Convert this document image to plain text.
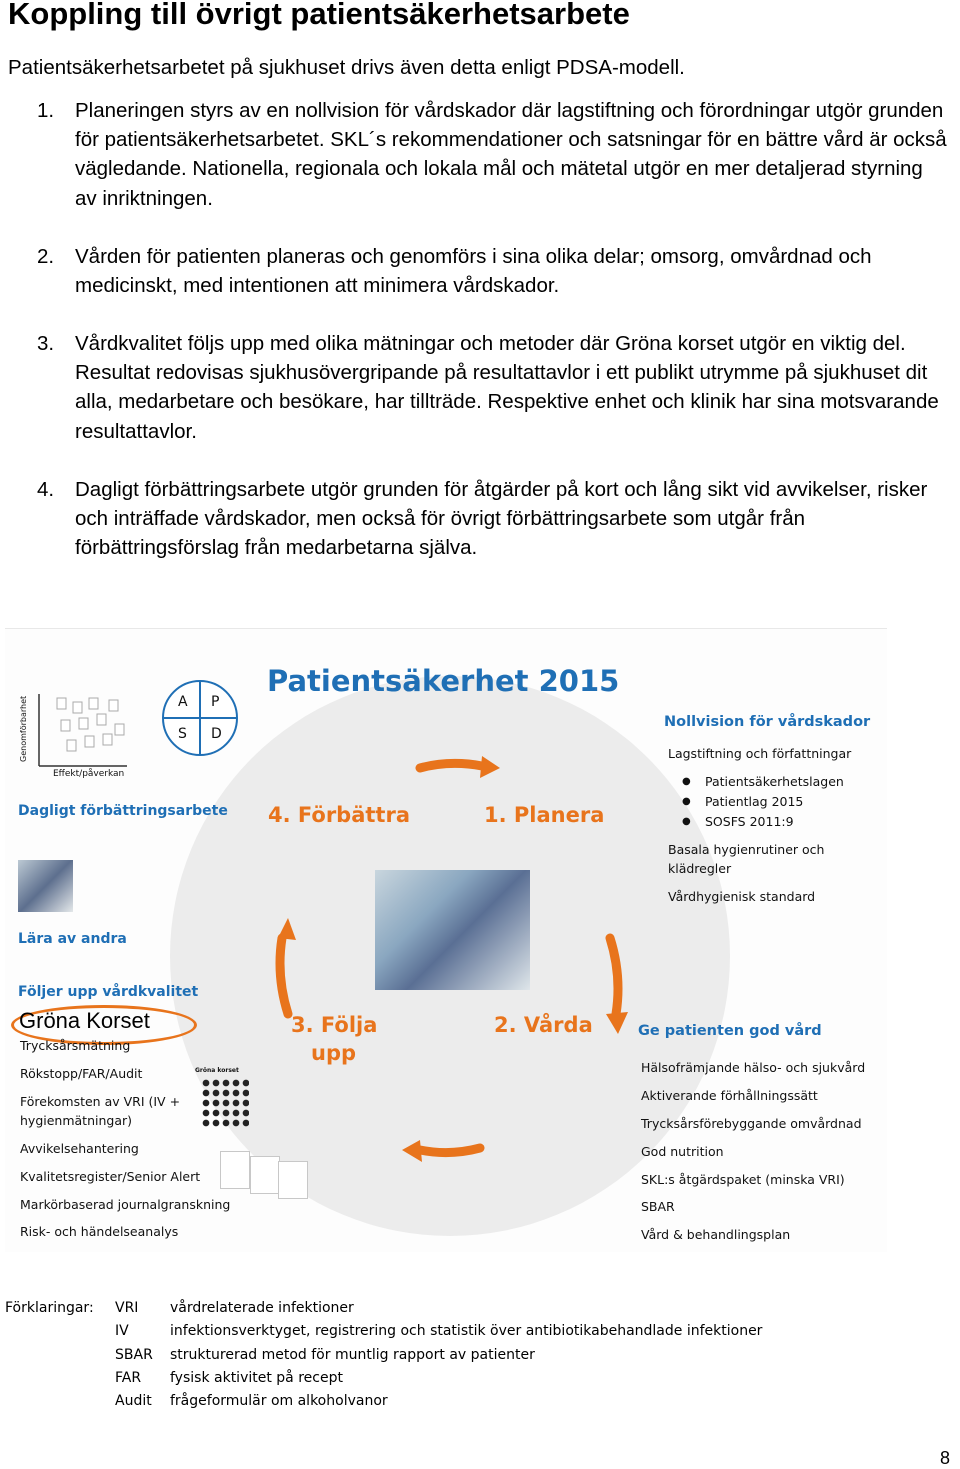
Koppling till övrigt patientsäkerhetsarbete
Patientsäkerhetsarbetet på sjukhuset drivs även detta enligt PDSA-modell.
1. Planeringen styrs av en nollvision för vårdskador där lagstiftning och förordningar utgör grunden för patientsäkerhetsarbetet. SKL´s rekommendationer och satsningar för en bättre vård är också vägledande. Nationella, regionala och lokala mål och mätetal utgör en mer detaljerad styrning av inriktningen.
2. Vården för patienten planeras och genomförs i sina olika delar; omsorg, omvårdnad och medicinskt, med intentionen att minimera vårdskador.
3. Vårdkvalitet följs upp med olika mätningar och metoder där Gröna korset utgör en viktig del. Resultat redovisas sjukhusövergripande på resultattavlor i ett publikt utrymme på sjukhuset dit alla, medarbetare och besökare, har tillträde. Respektive enhet och klinik har sina motsvarande resultattavlor.
4. Dagligt förbättringsarbete utgör grunden för åtgärder på kort och lång sikt vid avvikelser, risker och inträffade vårdskador, men också för övrigt förbättringsarbete som utgår från förbättringsförslag från medarbetarna själva.
Patientsäkerhet 2015
Genomförbarhet
Effekt/påverkan
A P
S D
4. Förbättra	1. Planera
3. Följa
upp
2. Vårda
Dagligt förbättringsarbete
Lära av andra
Följer upp vårdkvalitet
Gröna Korset
Trycksårsmätning
Rökstopp/FAR/Audit
Förekomsten av VRI (IV +
hygienmätningar)
Avvikelsehantering
Kvalitetsregister/Senior Alert
Markörbaserad journalgranskning
Risk- och händelseanalys
Gröna korset
Nollvision för vårdskador
Lagstiftning och författningar
● Patientsäkerhetslagen
● Patientlag 2015
● SOSFS 2011:9
Basala hygienrutiner och
klädregler
Vårdhygienisk standard
Ge patienten god vård
Hälsofrämjande hälso- och sjukvård
Aktiverande förhållningssätt
Trycksårsförebyggande omvårdnad
God nutrition
SKL:s åtgärdspaket (minska VRI)
SBAR
Vård & behandlingsplan
Förklaringar: VRI vårdrelaterade infektioner
IV	infektionsverktyget, registrering och statistik över antibiotikabehandlade infektioner
SBAR strukturerad metod för muntlig rapport av patienter
FAR fysisk aktivitet på recept
Audit frågeformulär om alkoholvanor
8
